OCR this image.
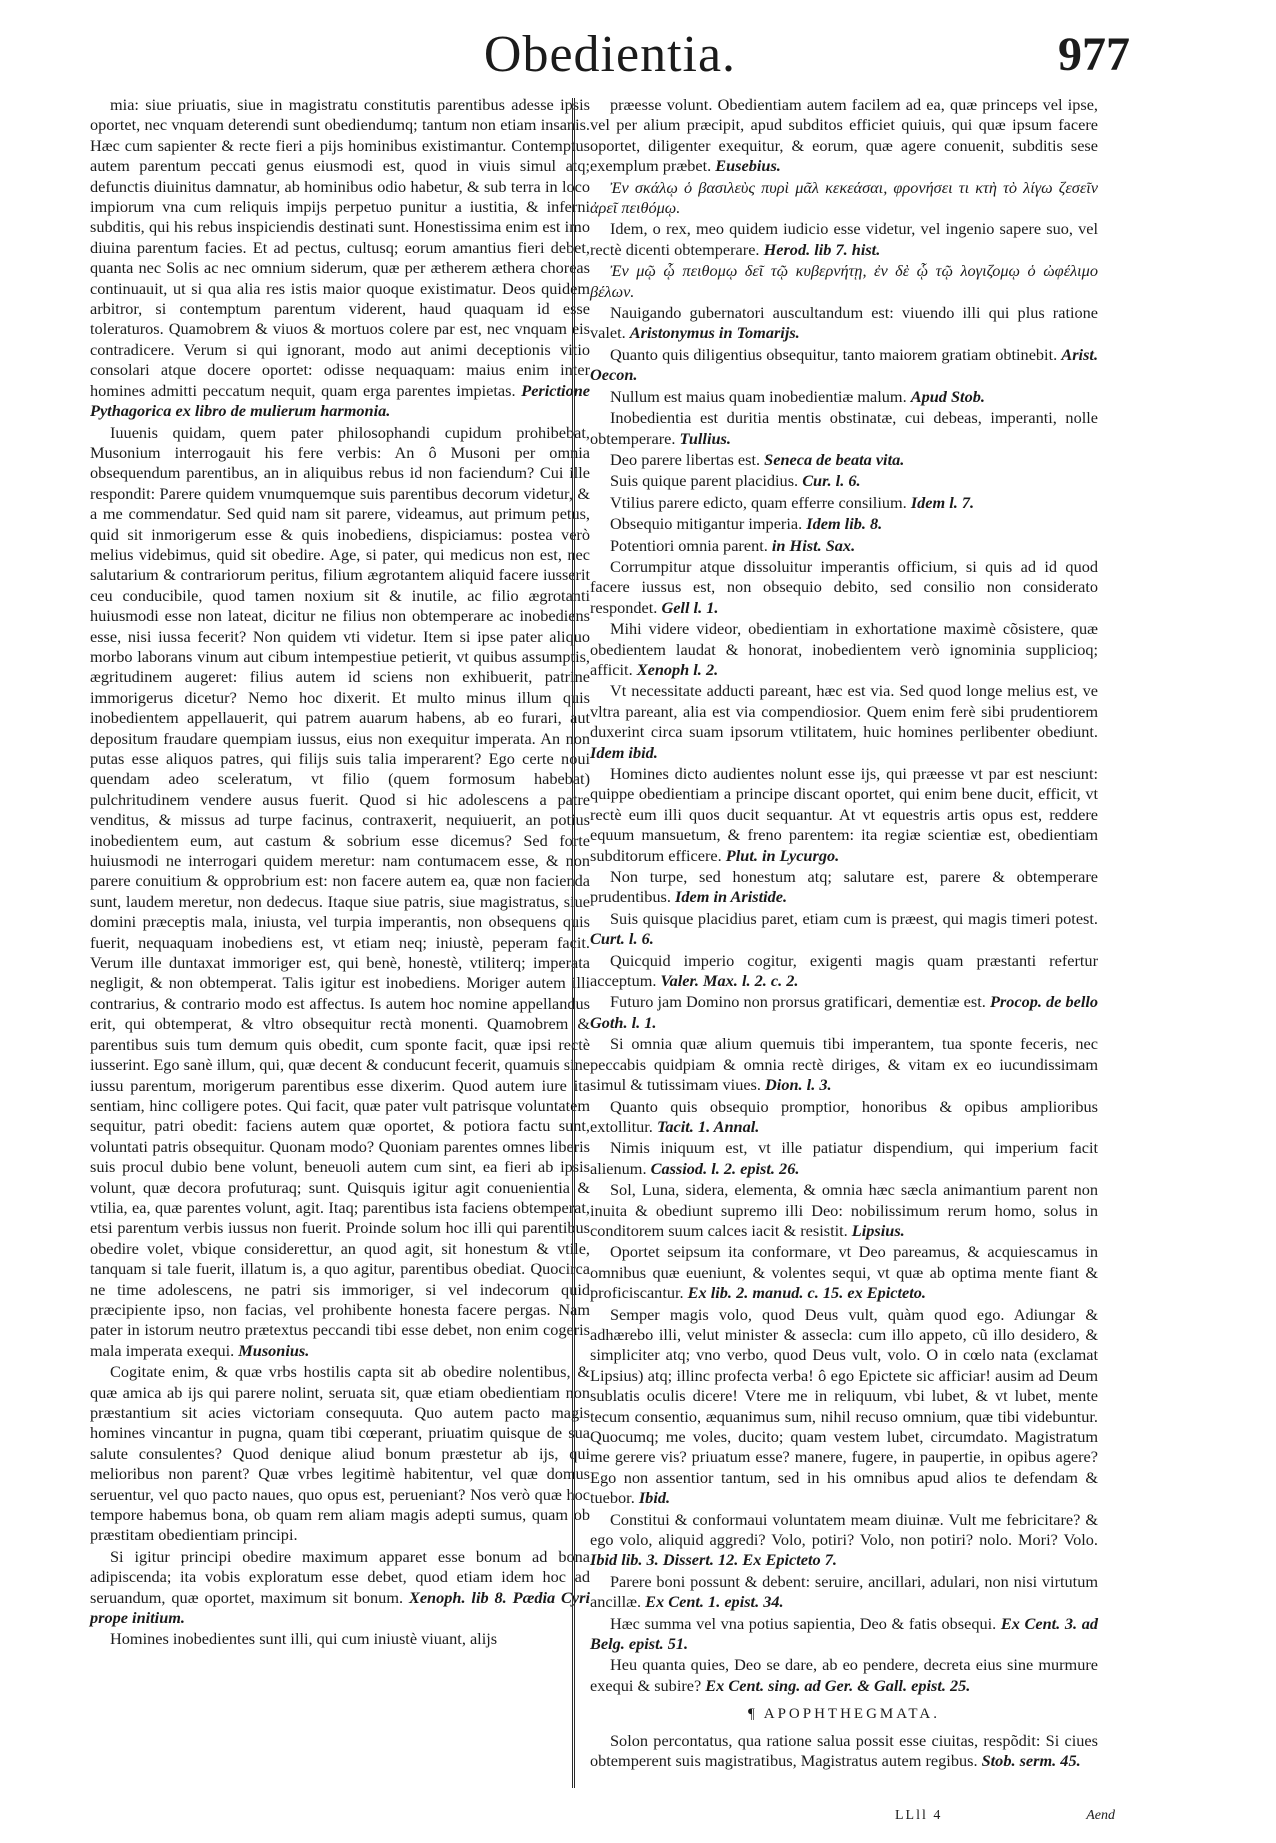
Obedientia.	977

mia: siue priuatis, siue in magistratu constitutis parentibus adesse ipsis oportet, nec vnquam deterendi sunt obediendumq; tantum non etiam insanis. Hæc cum sapienter & recte fieri a pijs hominibus existimantur. Contemptus autem parentum peccati genus eiusmodi est, quod in viuis simul atq; defunctis diuinitus damnatur, ab hominibus odio habetur, & sub terra in loco impiorum vna cum reliquis impijs perpetuo punitur a iustitia, & inferni subditis, qui his rebus inspiciendis destinati sunt. Honestissima enim est imo diuina parentum facies. Et ad pectus, cultusq; eorum amantius fieri debet, quanta nec Solis ac nec omnium siderum, quæ per ætherem æthera choreas continuauit, ut si qua alia res istis maior quoque existimatur. Deos quidem arbitror, si contemptum parentum viderent, haud quaquam id esse toleraturos. Quamobrem & viuos & mortuos colere par est, nec vnquam eis contradicere. Verum si qui ignorant, modo aut animi deceptionis vitio consolari atque docere oportet: odisse nequaquam: maius enim inter homines admitti peccatum nequit, quam erga parentes impietas. Perictione Pythagorica ex libro de mulierum harmonia.

Iuuenis quidam, quem pater philosophandi cupidum prohibebat, Musonium interrogauit his fere verbis: An ô Musoni per omnia obsequendum parentibus, an in aliquibus rebus id non faciendum? Cui ille respondit: Parere quidem vnumquemque suis parentibus decorum videtur, & a me commendatur. Sed quid nam sit parere, videamus, aut primum petus, quid sit inmorigerum esse & quis inobediens, dispiciamus: postea verò melius videbimus, quid sit obedire. Age, si pater, qui medicus non est, nec salutarium & contrariorum peritus, filium ægrotantem aliquid facere iusserit ceu conducibile, quod tamen noxium sit & inutile, ac filio ægrotanti huiusmodi esse non lateat, dicitur ne filius non obtemperare ac inobediens esse, nisi iussa fecerit? Non quidem vti videtur. Item si ipse pater aliquo morbo laborans vinum aut cibum intempestiue petierit, vt quibus assumptis, ægritudinem augeret: filius autem id sciens non exhibuerit, patrine immorigerus dicetur? Nemo hoc dixerit. Et multo minus illum quis inobedientem appellauerit, qui patrem auarum habens, ab eo furari, aut depositum fraudare quempiam iussus, eius non exequitur imperata. An non putas esse aliquos patres, qui filijs suis talia imperarent? Ego certe noui quendam adeo sceleratum, vt filio (quem formosum habebat) pulchritudinem vendere ausus fuerit. Quod si hic adolescens a patre venditus, & missus ad turpe facinus, contraxerit, nequiuerit, an potius inobedientem eum, aut castum & sobrium esse dicemus? Sed forte huiusmodi ne interrogari quidem meretur: nam contumacem esse, & non parere conuitium & opprobrium est: non facere autem ea, quæ non facienda sunt, laudem meretur, non dedecus. Itaque siue patris, siue magistratus, siue domini præceptis mala, iniusta, vel turpia imperantis, non obsequens quis fuerit, nequaquam inobediens est, vt etiam neq; iniustè, peperam facit. Verum ille duntaxat immoriger est, qui benè, honestè, vtiliterq; imperata negligit, & non obtemperat. Talis igitur est inobediens. Moriger autem illi contrarius, & contrario modo est affectus. Is autem hoc nomine appellandus erit, qui obtemperat, & vltro obsequitur rectà monenti. Quamobrem & parentibus suis tum demum quis obedit, cum sponte facit, quæ ipsi rectè iusserint. Ego sanè illum, qui, quæ decent & conducunt fecerit, quamuis sine iussu parentum, morigerum parentibus esse dixerim. Quod autem iure ita sentiam, hinc colligere potes. Qui facit, quæ pater vult patrisque voluntatem sequitur, patri obedit: faciens autem quæ oportet, & potiora factu sunt, voluntati patris obsequitur. Quonam modo? Quoniam parentes omnes liberis suis procul dubio bene volunt, beneuoli autem cum sint, ea fieri ab ipsis volunt, quæ decora profuturaq; sunt. Quisquis igitur agit conuenientia & vtilia, ea, quæ parentes volunt, agit. Itaq; parentibus ista faciens obtemperat, etsi parentum verbis iussus non fuerit. Proinde solum hoc illi qui parentibus obedire volet, vbique considerettur, an quod agit, sit honestum & vtile, tanquam si tale fuerit, illatum is, a quo agitur, parentibus obediat. Quocirca ne time adolescens, ne patri sis immoriger, si vel indecorum quid præcipiente ipso, non facias, vel prohibente honesta facere pergas. Nam pater in istorum neutro prætextus peccandi tibi esse debet, non enim cogeris mala imperata exequi. Musonius.

Cogitate enim, & quæ vrbs hostilis capta sit ab obedire nolentibus, & quæ amica ab ijs qui parere nolint, seruata sit, quæ etiam obedientiam non præstantium sit acies victoriam consequuta. Quo autem pacto magis homines vincantur in pugna, quam tibi cœperant, priuatim quisque de sua salute consulentes? Quod denique aliud bonum præstetur ab ijs, qui melioribus non parent? Quæ vrbes legitimè habitentur, vel quæ domus seruentur, vel quo pacto naues, quo opus est, perueniant? Nos verò quæ hoc tempore habemus bona, ob quam rem aliam magis adepti sumus, quam ob præstitam obedientiam principi.

Si igitur principi obedire maximum apparet esse bonum ad bona adipiscenda; ita vobis exploratum esse debet, quod etiam idem hoc ad seruandum, quæ oportet, maximum sit bonum. Xenoph. lib 8. Pædia Cyri prope initium.

Homines inobedientes sunt illi, qui cum iniustè viuant, alijs

præesse volunt. Obedientiam autem facilem ad ea, quæ princeps vel ipse, vel per alium præcipit, apud subditos efficiet quiuis, qui quæ ipsum facere oportet, diligenter exequitur, & eorum, quæ agere conuenit, subditis sese exemplum præbet. Eusebius.

Ἐν σκάλῳ ὁ βασιλεὺς πυρὶ μᾶλ κεκεάσαι, φρονήσει τι κτὴ τὸ λίγω ζεσεῖν ἀρεῖ πειθόμῳ.

Idem, o rex, meo quidem iudicio esse videtur, vel ingenio sapere suo, vel rectè dicenti obtemperare. Herod. lib 7. hist.

Ἐν μῷ ᾧ πειθομῳ δεῖ τῷ κυβερνήτῃ, ἐν δὲ ᾧ τῷ λογιζομῳ ὁ ὠφέλιμο βέλων.

Nauigando gubernatori auscultandum est: viuendo illi qui plus ratione valet. Aristonymus in Tomarijs.

Quanto quis diligentius obsequitur, tanto maiorem gratiam obtinebit. Arist. Oecon.

Nullum est maius quam inobedientiæ malum. Apud Stob.

Inobedientia est duritia mentis obstinatæ, cui debeas, imperanti, nolle obtemperare. Tullius.

Deo parere libertas est. Seneca de beata vita.

Suis quique parent placidius. Cur. l. 6.

Vtilius parere edicto, quam efferre consilium. Idem l. 7.

Obsequio mitigantur imperia. Idem lib. 8.

Potentiori omnia parent. in Hist. Sax.

Corrumpitur atque dissoluitur imperantis officium, si quis ad id quod facere iussus est, non obsequio debito, sed consilio non considerato respondet. Gell l. 1.

Mihi videre videor, obedientiam in exhortatione maximè cõsistere, quæ obedientem laudat & honorat, inobedientem verò ignominia supplicioq; afficit. Xenoph l. 2.

Vt necessitate adducti pareant, hæc est via. Sed quod longe melius est, ve vltra pareant, alia est via compendiosior. Quem enim ferè sibi prudentiorem duxerint circa suam ipsorum vtilitatem, huic homines perlibenter obediunt. Idem ibid.

Homines dicto audientes nolunt esse ijs, qui præesse vt par est nesciunt: quippe obedientiam a principe discant oportet, qui enim bene ducit, efficit, vt rectè eum illi quos ducit sequantur. At vt equestris artis opus est, reddere equum mansuetum, & freno parentem: ita regiæ scientiæ est, obedientiam subditorum efficere. Plut. in Lycurgo.

Non turpe, sed honestum atq; salutare est, parere & obtemperare prudentibus. Idem in Aristide.

Suis quisque placidius paret, etiam cum is præest, qui magis timeri potest. Curt. l. 6.

Quicquid imperio cogitur, exigenti magis quam præstanti refertur acceptum. Valer. Max. l. 2. c. 2.

Futuro jam Domino non prorsus gratificari, dementiæ est. Procop. de bello Goth. l. 1.

Si omnia quæ alium quemuis tibi imperantem, tua sponte feceris, nec peccabis quidpiam & omnia rectè diriges, & vitam ex eo iucundissimam simul & tutissimam viues. Dion. l. 3.

Quanto quis obsequio promptior, honoribus & opibus amplioribus extollitur. Tacit. 1. Annal.

Nimis iniquum est, vt ille patiatur dispendium, qui imperium facit alienum. Cassiod. l. 2. epist. 26.

Sol, Luna, sidera, elementa, & omnia hæc sæcla animantium parent non inuita & obediunt supremo illi Deo: nobilissimum rerum homo, solus in conditorem suum calces iacit & resistit. Lipsius.

Oportet seipsum ita conformare, vt Deo pareamus, & acquiescamus in omnibus quæ eueniunt, & volentes sequi, vt quæ ab optima mente fiant & proficiscantur. Ex lib. 2. manud. c. 15. ex Epicteto.

Semper magis volo, quod Deus vult, quàm quod ego. Adiungar & adhærebo illi, velut minister & assecla: cum illo appeto, cũ illo desidero, & simpliciter atq; vno verbo, quod Deus vult, volo. O in cœlo nata (exclamat Lipsius) atq; illinc profecta verba! ô ego Epictete sic afficiar! ausim ad Deum sublatis oculis dicere! Vtere me in reliquum, vbi lubet, & vt lubet, mente tecum consentio, æquanimus sum, nihil recuso omnium, quæ tibi videbuntur. Quocumq; me voles, ducito; quam vestem lubet, circumdato. Magistratum me gerere vis? priuatum esse? manere, fugere, in paupertie, in opibus agere? Ego non assentior tantum, sed in his omnibus apud alios te defendam & tuebor. Ibid.

Constitui & conformaui voluntatem meam diuinæ. Vult me febricitare? & ego volo, aliquid aggredi? Volo, potiri? Volo, non potiri? nolo. Mori? Volo. Ibid lib. 3. Dissert. 12. Ex Epicteto 7.

Parere boni possunt & debent: seruire, ancillari, adulari, non nisi virtutum ancillæ. Ex Cent. 1. epist. 34.

Hæc summa vel vna potius sapientia, Deo & fatis obsequi. Ex Cent. 3. ad Belg. epist. 51.

Heu quanta quies, Deo se dare, ab eo pendere, decreta eius sine murmure exequi & subire? Ex Cent. sing. ad Ger. & Gall. epist. 25.

¶ ΑΡΟΡΗΤΗΕGΜΑΤΑ.

Solon percontatus, qua ratione salua possit esse ciuitas, respõdit: Si ciues obtemperent suis magistratibus, Magistratus autem regibus. Stob. serm. 45.

LLll 4	Aend
